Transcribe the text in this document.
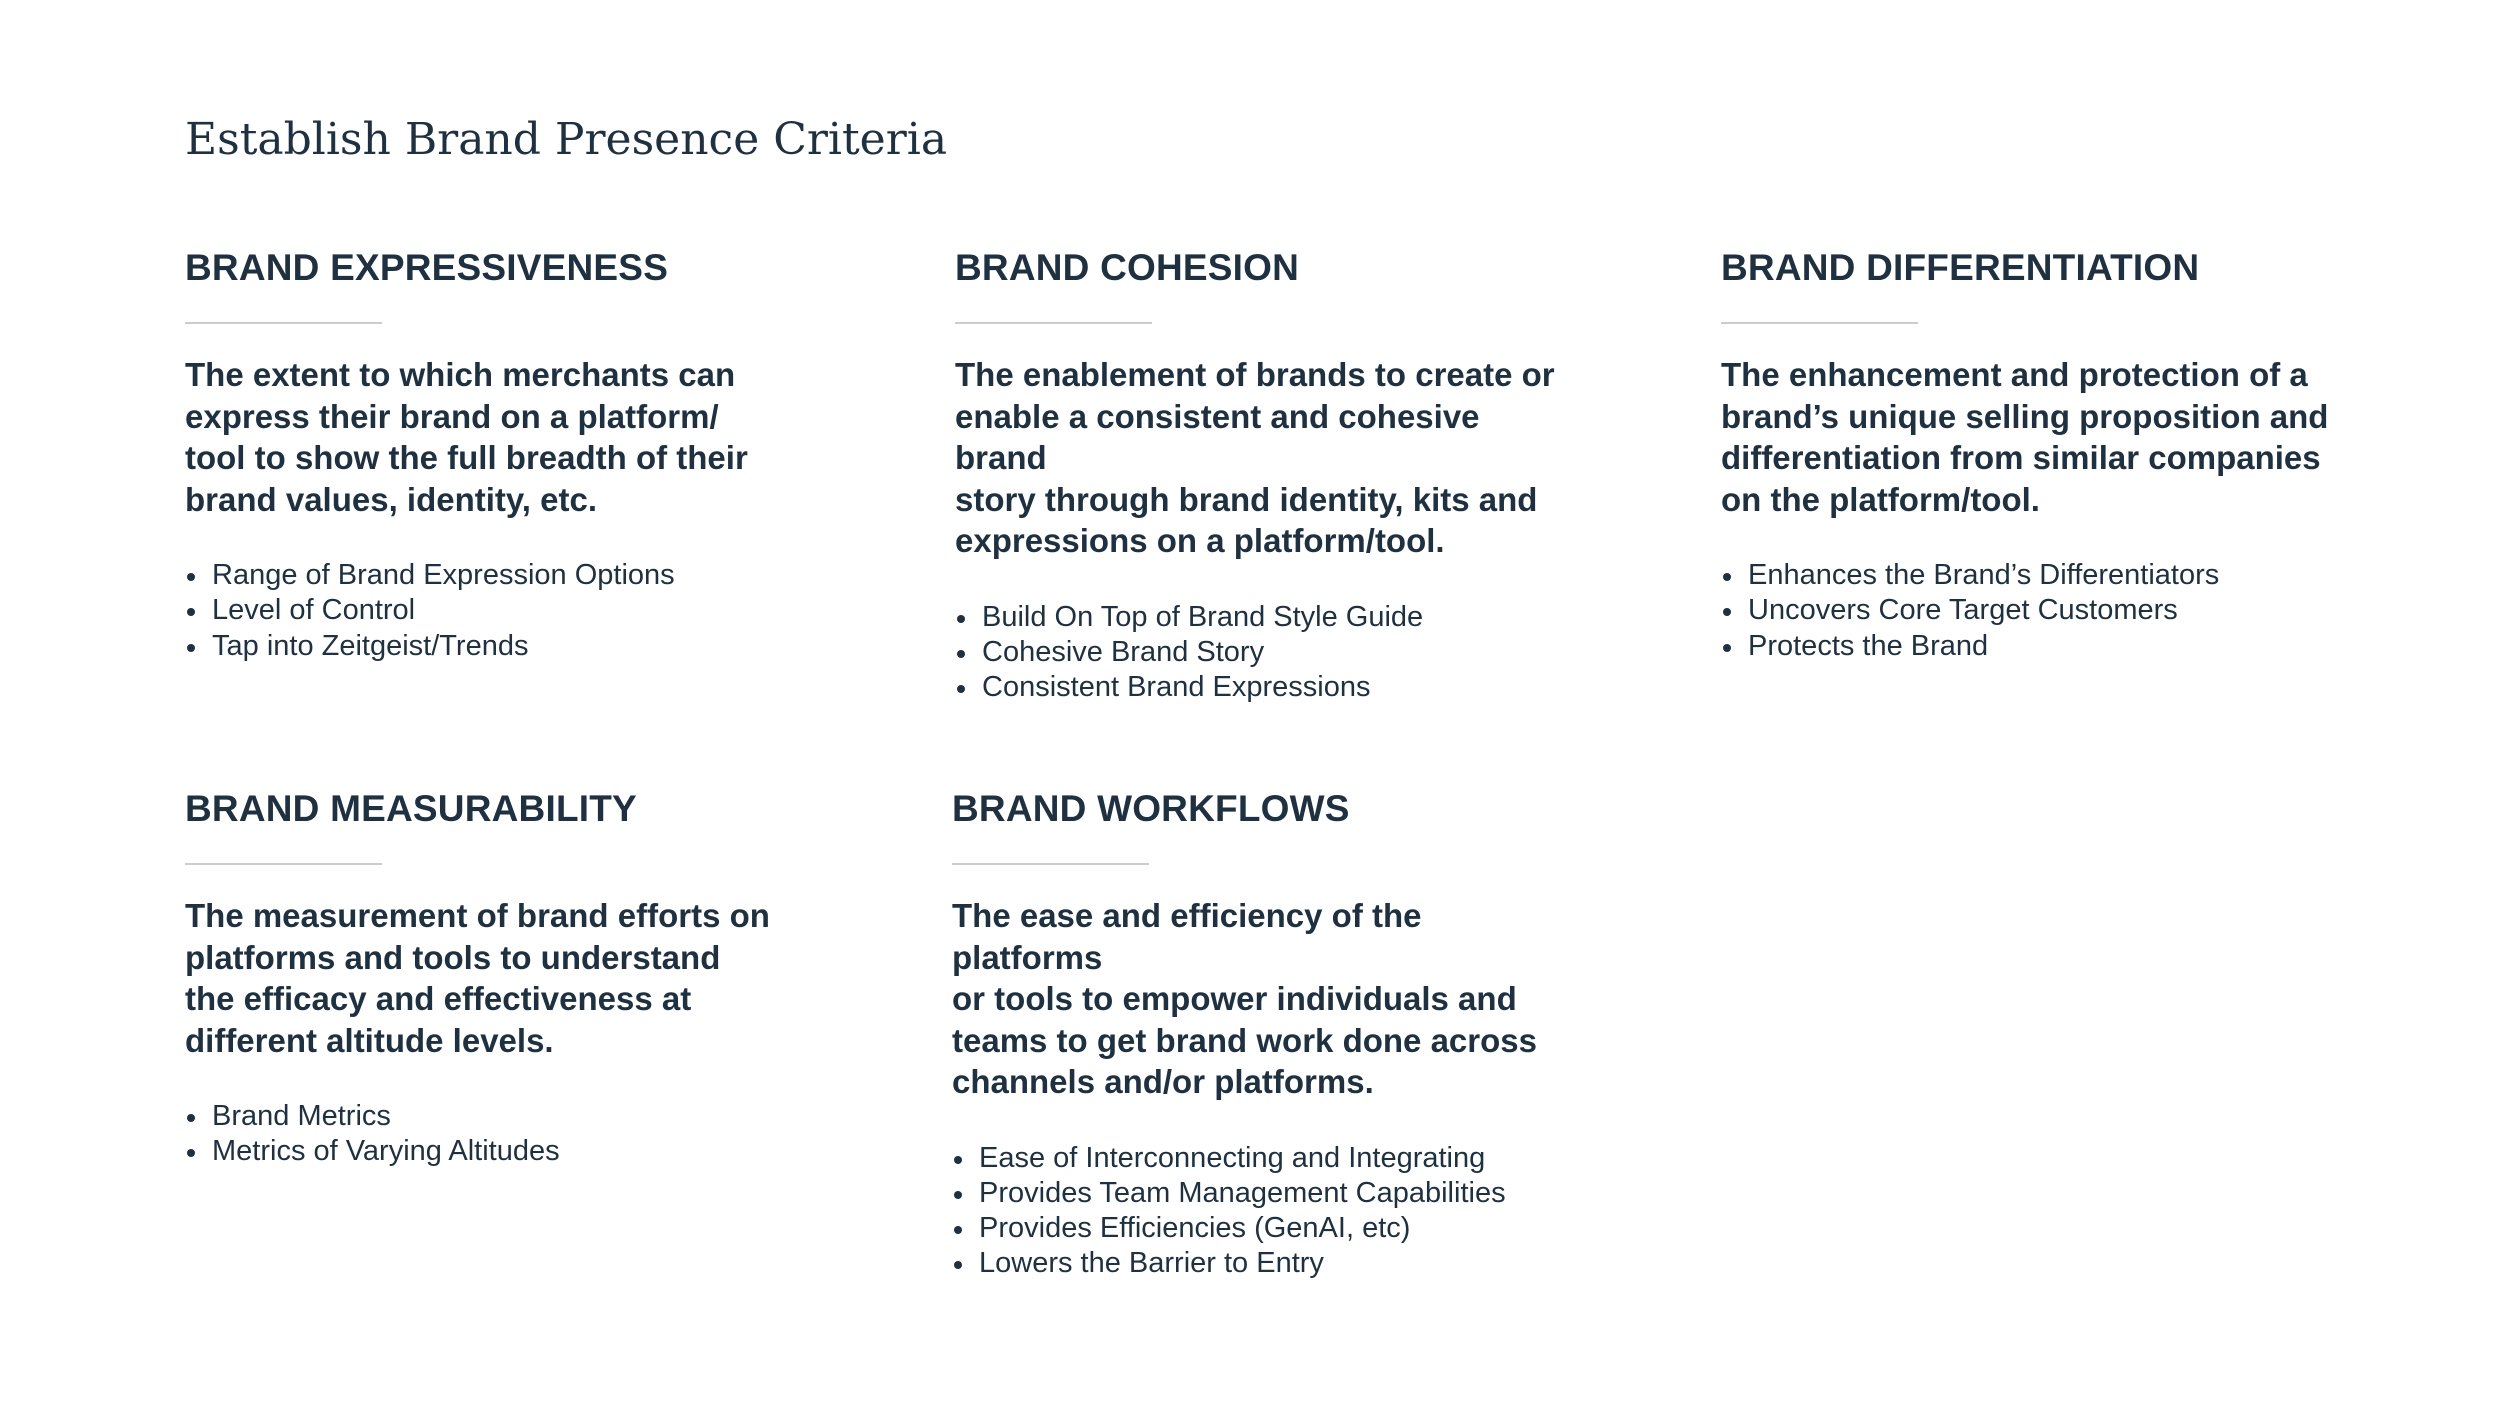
Establish Brand Presence Criteria
BRAND EXPRESSIVENESS

The extent to which merchants can
express their brand on a platform/
tool to show the full breadth of their
brand values, identity, etc.

Range of Brand Expression Options
Level of Control
Tap into Zeitgeist/Trends
BRAND COHESION

The enablement of brands to create or
enable a consistent and cohesive brand
story through brand identity, kits and
expressions on a platform/tool.

Build On Top of Brand Style Guide
Cohesive Brand Story
Consistent Brand Expressions
BRAND DIFFERENTIATION

The enhancement and protection of a
brand’s unique selling proposition and
differentiation from similar companies
on the platform/tool.

Enhances the Brand’s Differentiators
Uncovers Core Target Customers
Protects the Brand
BRAND MEASURABILITY

The measurement of brand efforts on
platforms and tools to understand
the efficacy and effectiveness at
different altitude levels.

Brand Metrics
Metrics of Varying Altitudes
BRAND WORKFLOWS

The ease and efficiency of the platforms
or tools to empower individuals and
teams to get brand work done across
channels and/or platforms.

Ease of Interconnecting and Integrating
Provides Team Management Capabilities
Provides Efficiencies (GenAI, etc)
Lowers the Barrier to Entry
